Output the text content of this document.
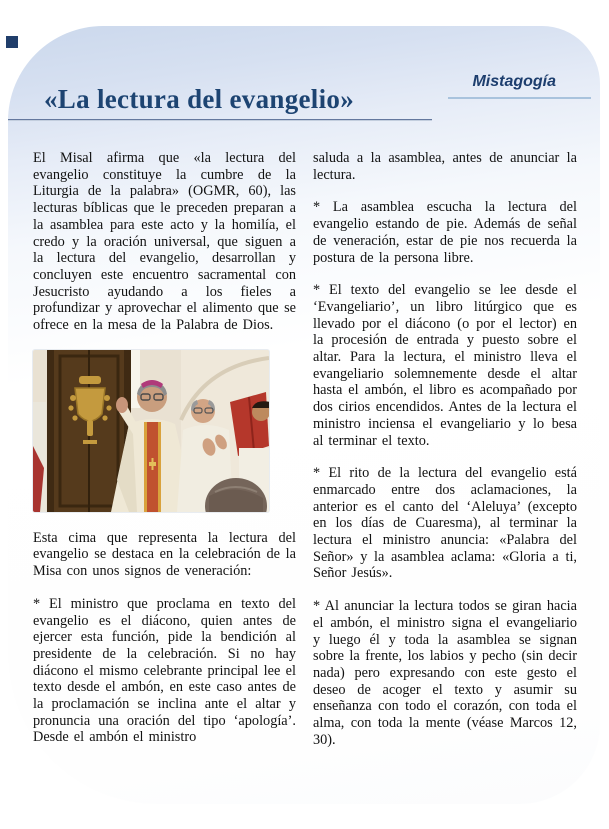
Mistagogía
«La lectura del evangelio»

El Misal afirma que «la lectura del evangelio constituye la cumbre de la Liturgia de la palabra» (OGMR, 60), las lecturas bíblicas que le preceden preparan a la asamblea para este acto y la homilía, el credo y la oración universal, que siguen a la lectura del evangelio, desarrollan y concluyen este encuentro sacramental con Jesucristo ayudando a los fieles a profundizar y aprovechar el alimento que se ofrece en la mesa de la Palabra de Dios.

Esta cima que representa la lectura del evangelio se destaca en la celebración de la Misa con unos signos de veneración:

* El ministro que proclama en texto del evangelio es el diácono, quien antes de ejercer esta función, pide la bendición al presidente de la celebración. Si no hay diácono el mismo celebrante principal lee el texto desde el ambón, en este caso antes de la proclamación se inclina ante el altar y pronuncia una oración del tipo ‘apología’. Desde el ambón el ministro

saluda a la asamblea, antes de anunciar la lectura.

* La asamblea escucha la lectura del evangelio estando de pie. Además de señal de veneración, estar de pie nos recuerda la postura de la persona libre.

* El texto del evangelio se lee desde el ‘Evangeliario’, un libro litúrgico que es llevado por el diácono (o por el lector) en la procesión de entrada y puesto sobre el altar. Para la lectura, el ministro lleva el evangeliario solemnemente desde el altar hasta el ambón, el libro es acompañado por dos cirios encendidos. Antes de la lectura el ministro inciensa el evangeliario y lo besa al terminar el texto.

* El rito de la lectura del evangelio está enmarcado entre dos aclamaciones, la anterior es el canto del ‘Aleluya’ (excepto en los días de Cuaresma), al terminar la lectura el ministro anuncia: «Palabra del Señor» y la asamblea aclama: «Gloria a ti, Señor Jesús».

* Al anunciar la lectura todos se giran hacia el ambón, el ministro signa el evangeliario y luego él y toda la asamblea se signan sobre la frente, los labios y pecho (sin decir nada) pero expresando con este gesto el deseo de acoger el texto y asumir su enseñanza con todo el corazón, con toda el alma, con toda la mente (véase Marcos 12, 30).
